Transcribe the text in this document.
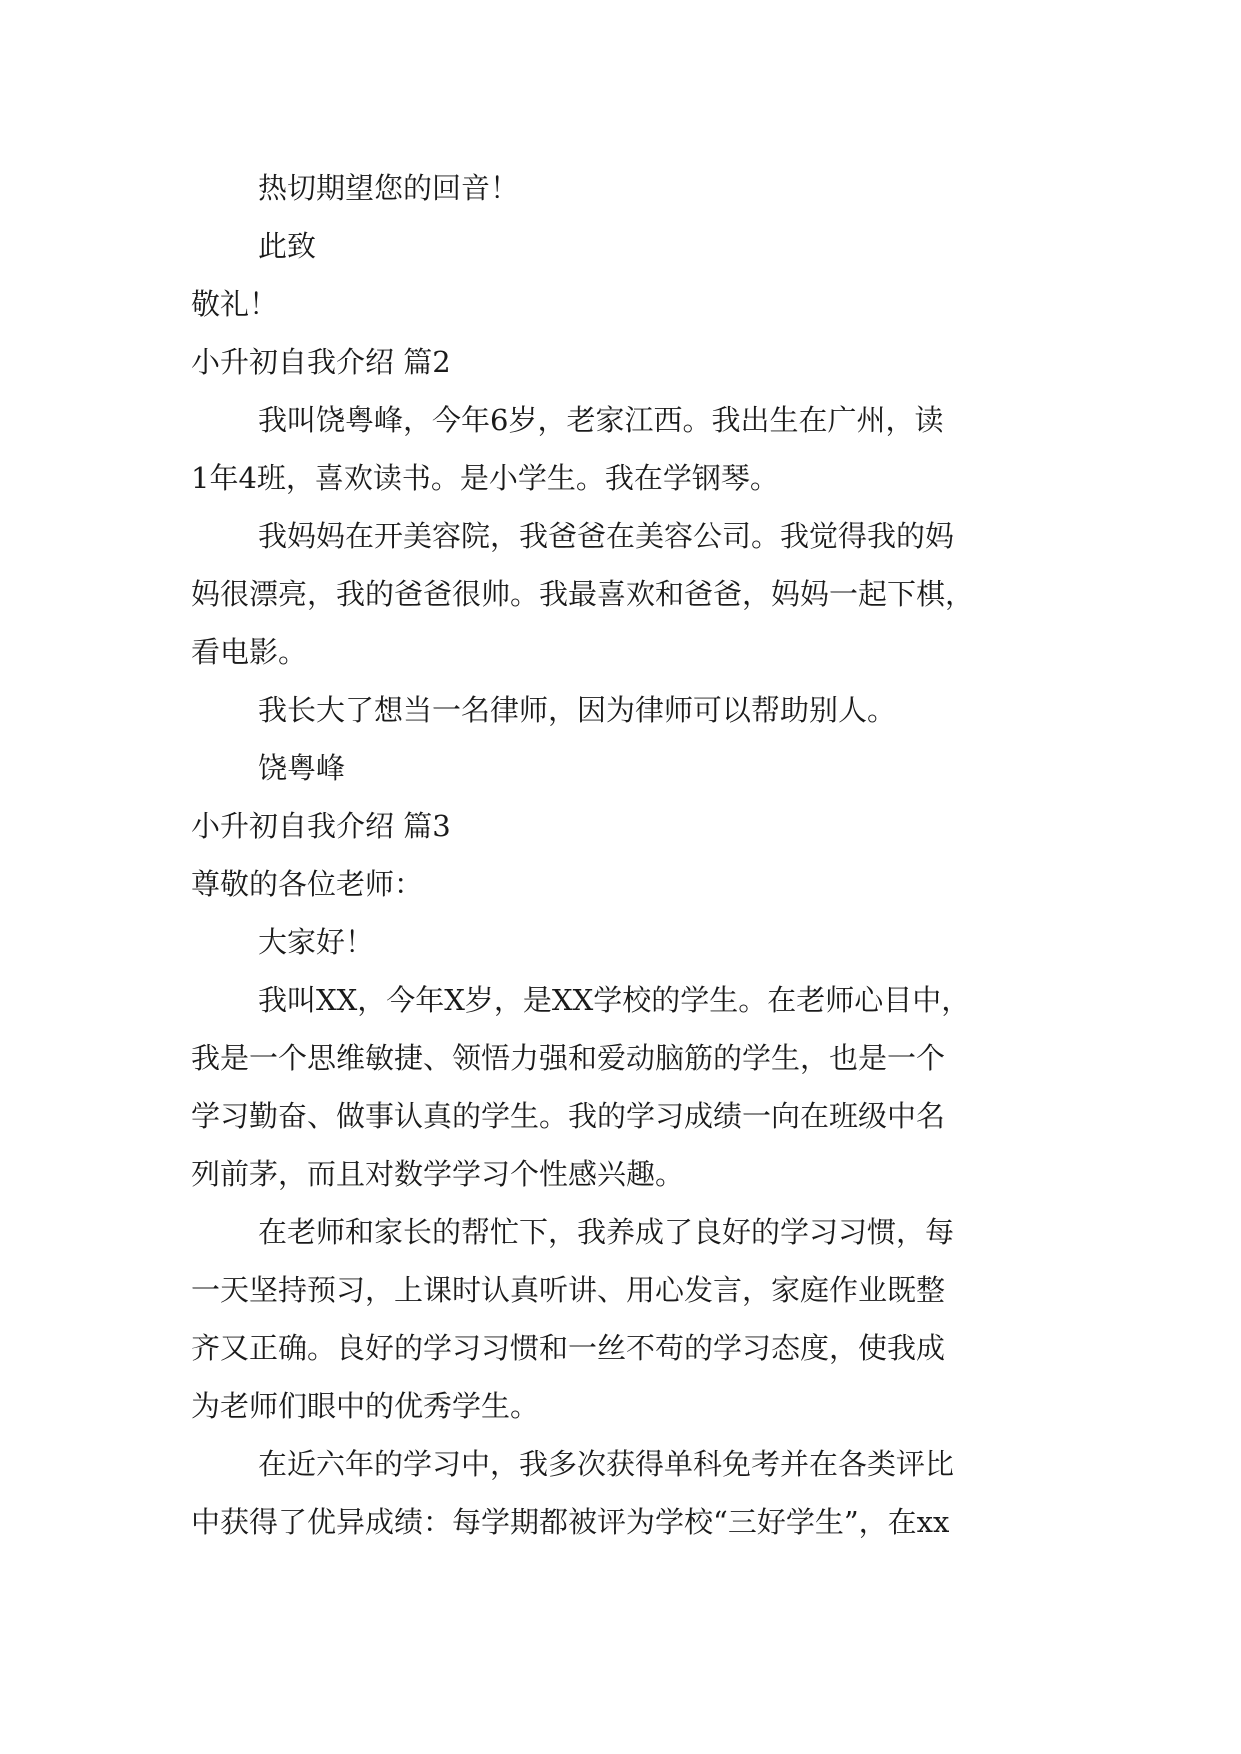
热切期望您的回音！
此致
敬礼！
小升初自我介绍 篇2
我叫饶粤峰，今年6岁，老家江西。我出生在广州，读
1年4班，喜欢读书。是小学生。我在学钢琴。
我妈妈在开美容院，我爸爸在美容公司。我觉得我的妈
妈很漂亮，我的爸爸很帅。我最喜欢和爸爸，妈妈一起下棋，
看电影。
我长大了想当一名律师，因为律师可以帮助别人。
饶粤峰
小升初自我介绍 篇3
尊敬的各位老师：
大家好！
我叫XX，今年X岁，是XX学校的学生。在老师心目中，
我是一个思维敏捷、领悟力强和爱动脑筋的学生，也是一个
学习勤奋、做事认真的学生。我的学习成绩一向在班级中名
列前茅，而且对数学学习个性感兴趣。
在老师和家长的帮忙下，我养成了良好的学习习惯，每
一天坚持预习，上课时认真听讲、用心发言，家庭作业既整
齐又正确。良好的学习习惯和一丝不苟的学习态度，使我成
为老师们眼中的优秀学生。
在近六年的学习中，我多次获得单科免考并在各类评比
中获得了优异成绩：每学期都被评为学校“三好学生”，在xx
